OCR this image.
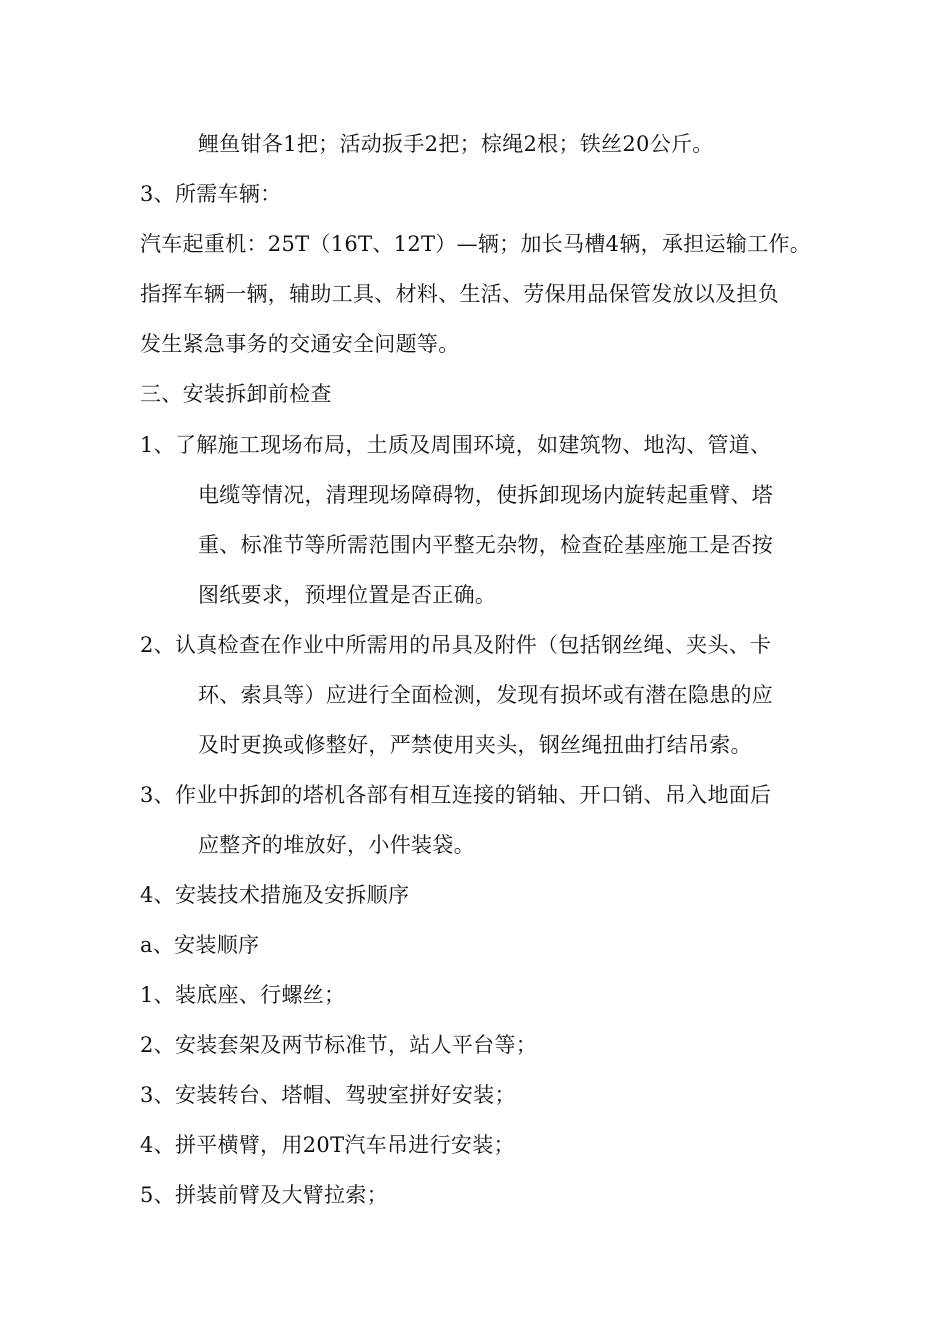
鲤鱼钳各1把；活动扳手2把；棕绳2根；铁丝20公斤。
3、所需车辆：
汽车起重机：25T（16T、12T）—辆；加长马槽4辆，承担运输工作。
指挥车辆一辆，辅助工具、材料、生活、劳保用品保管发放以及担负
发生紧急事务的交通安全问题等。
三、安装拆卸前检查
1、了解施工现场布局，土质及周围环境，如建筑物、地沟、管道、
电缆等情况，清理现场障碍物，使拆卸现场内旋转起重臂、塔
重、标准节等所需范围内平整无杂物，检查砼基座施工是否按
图纸要求，预埋位置是否正确。
2、认真检查在作业中所需用的吊具及附件（包括钢丝绳、夹头、卡
环、索具等）应进行全面检测，发现有损坏或有潜在隐患的应
及时更换或修整好，严禁使用夹头，钢丝绳扭曲打结吊索。
3、作业中拆卸的塔机各部有相互连接的销轴、开口销、吊入地面后
应整齐的堆放好，小件装袋。
4、安装技术措施及安拆顺序
a、安装顺序
1、装底座、行螺丝；
2、安装套架及两节标准节，站人平台等；
3、安装转台、塔帽、驾驶室拼好安装；
4、拼平横臂，用20T汽车吊进行安装；
5、拼装前臂及大臂拉索；
